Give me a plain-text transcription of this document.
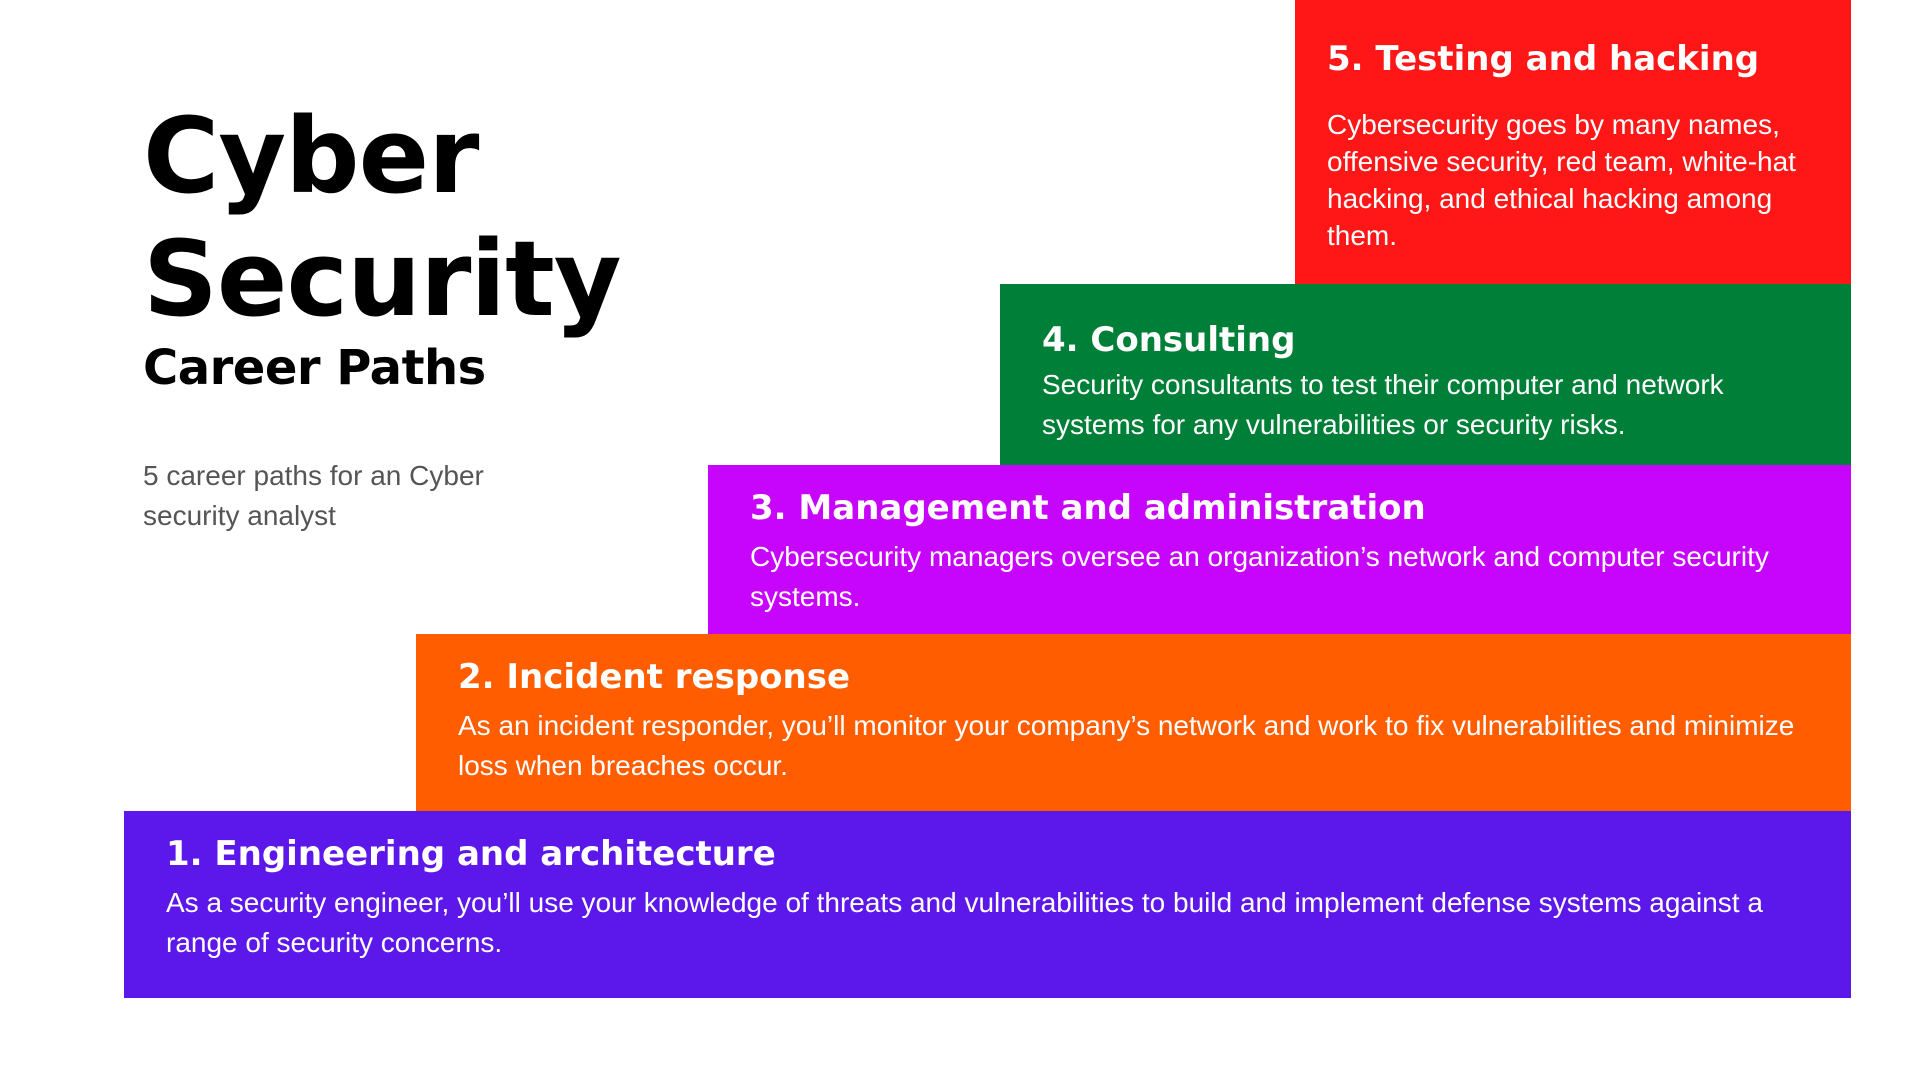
Cyber
Security
Career Paths
5 career paths for an Cyber security analyst
1. Engineering and architecture
As a security engineer, you’ll use your knowledge of threats and vulnerabilities to build and implement defense systems against a range of security concerns.
2. Incident response
As an incident responder, you’ll monitor your company’s network and work to fix vulnerabilities and minimize loss when breaches occur.
3. Management and administration
Cybersecurity managers oversee an organization’s network and computer security systems.
4. Consulting
Security consultants to test their computer and network systems for any vulnerabilities or security risks.
5. Testing and hacking
Cybersecurity goes by many names, offensive security, red team, white-hat hacking, and ethical hacking among them.
